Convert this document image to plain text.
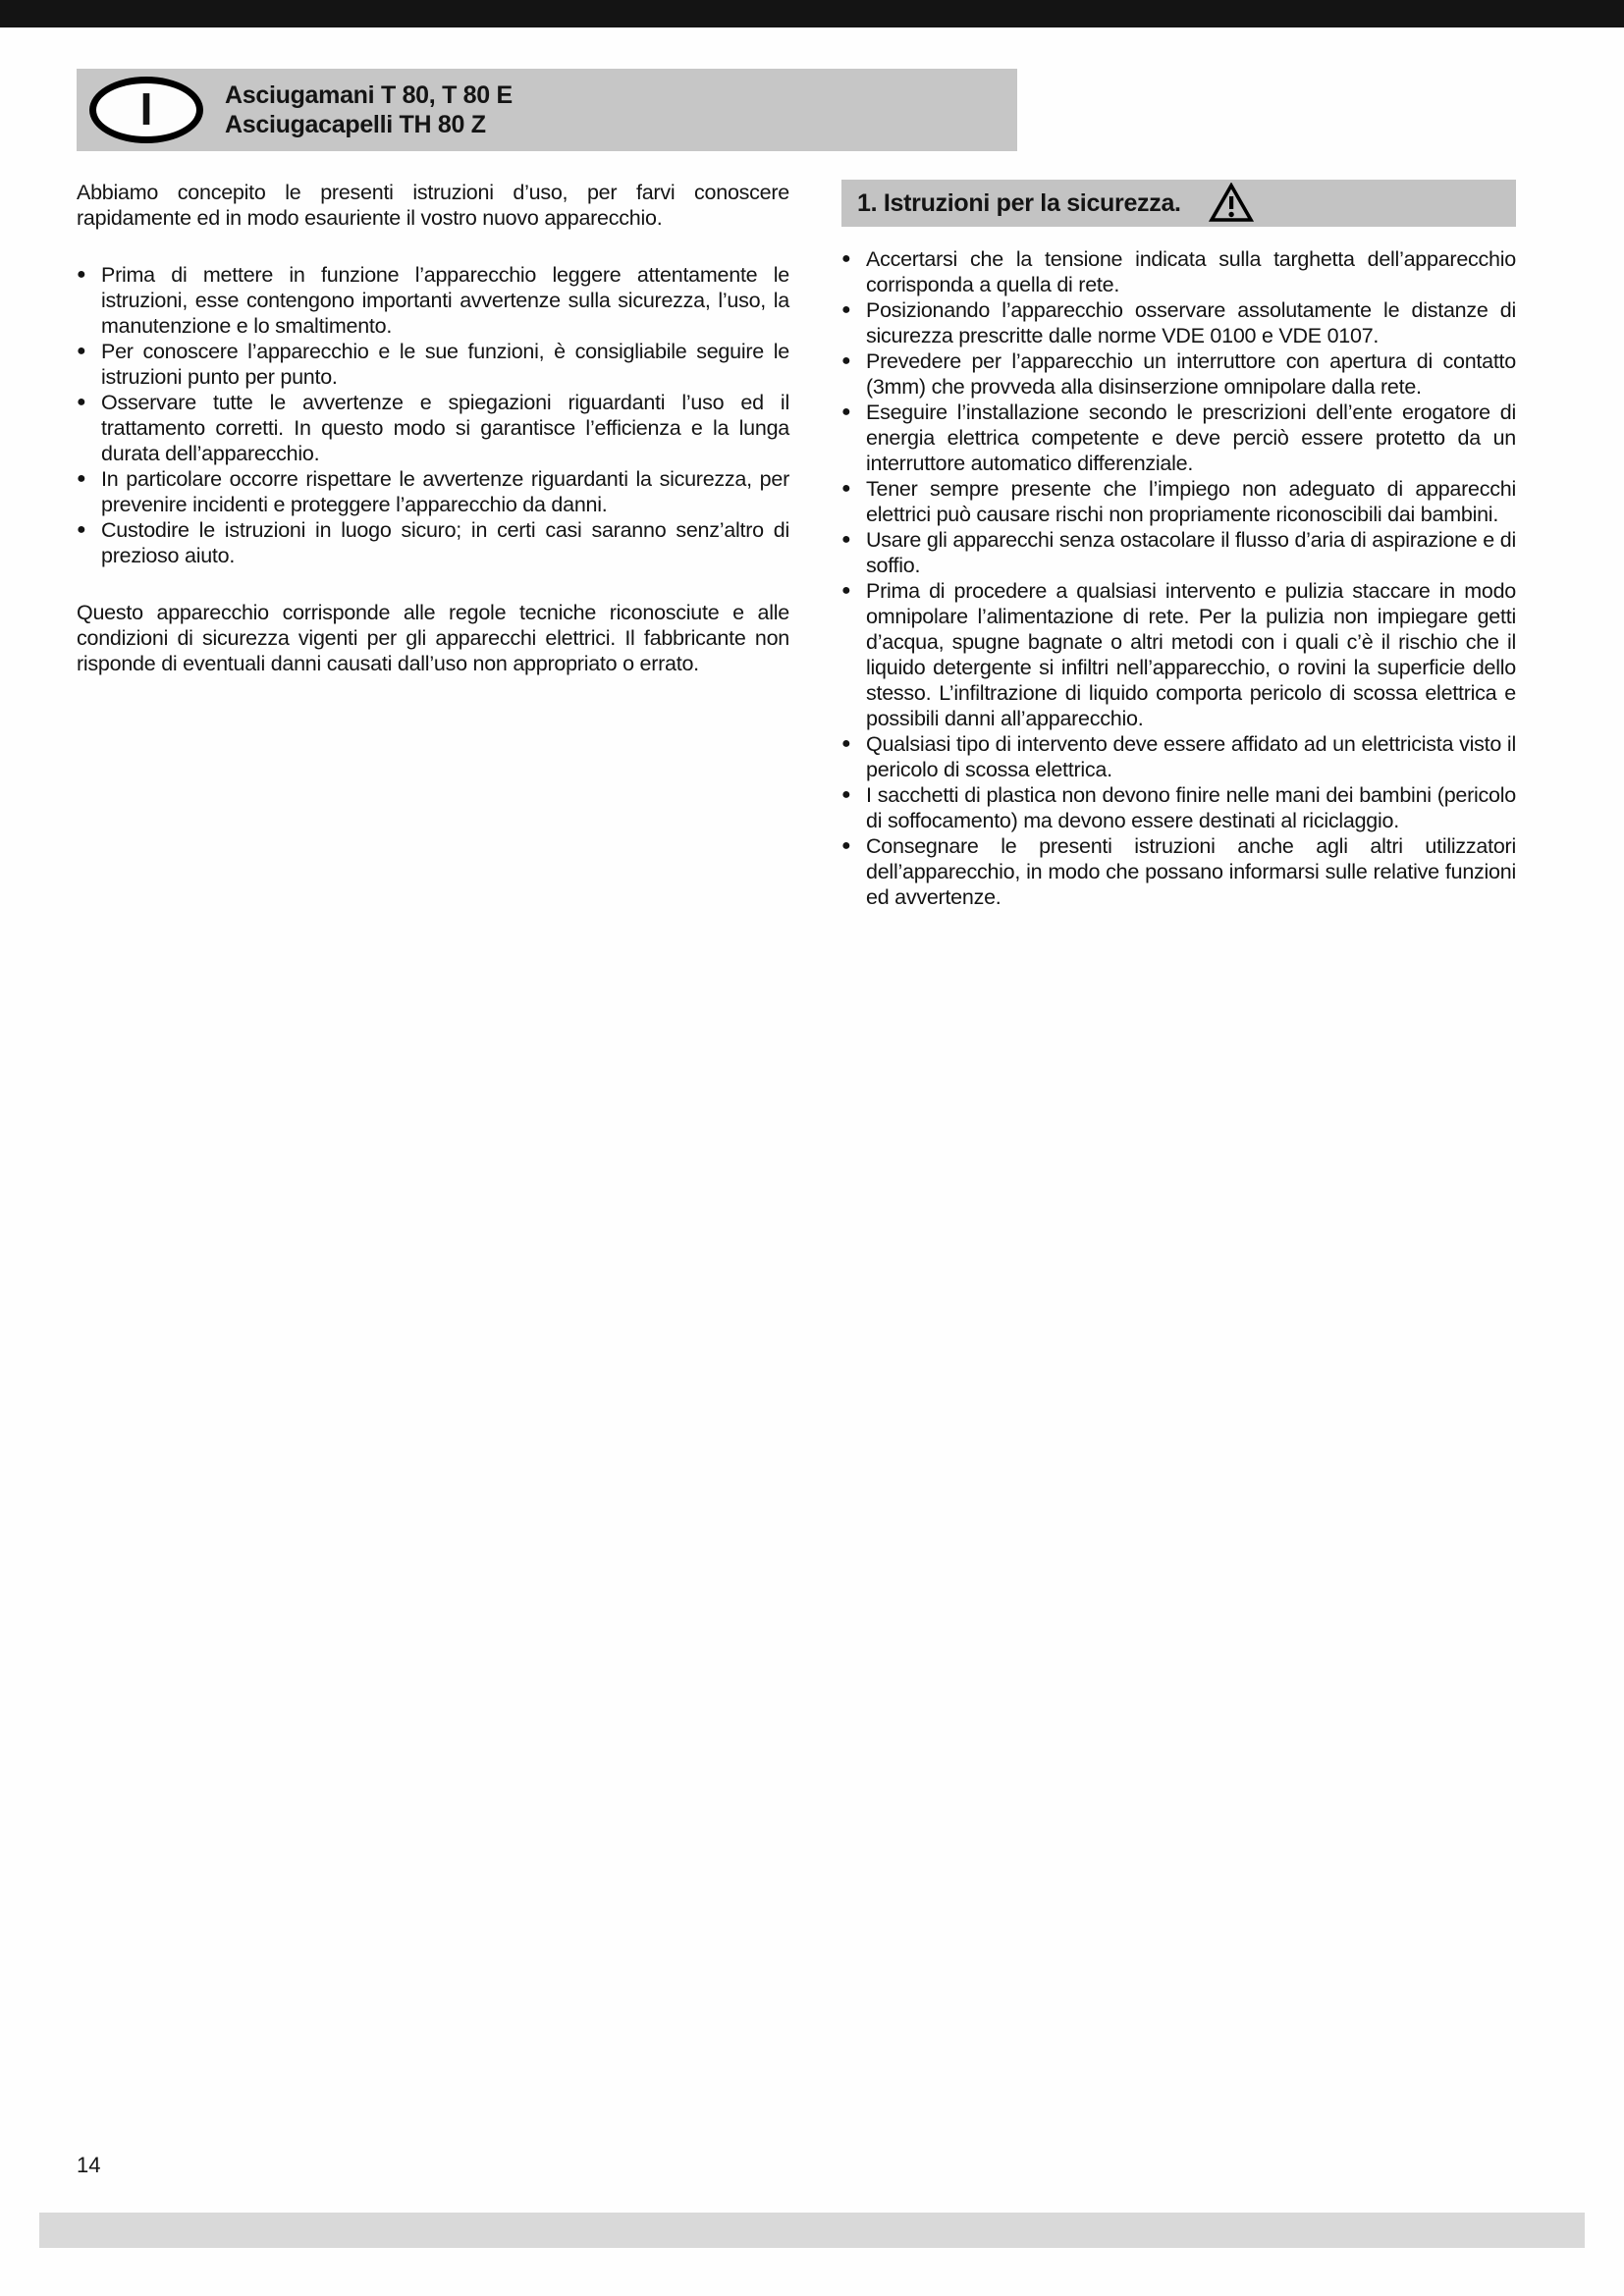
I	Asciugamani T 80, T 80 E
Asciugacapelli TH 80 Z

Abbiamo concepito le presenti istruzioni d’uso, per farvi conoscere rapidamente ed in modo esauriente il vostro nuovo apparecchio.

● Prima di mettere in funzione l’apparecchio leggere attentamente le istruzioni, esse contengono importanti avvertenze sulla sicurezza, l’uso, la manutenzione e lo smaltimento.
● Per conoscere l’apparecchio e le sue funzioni, è consigliabile seguire le istruzioni punto per punto.
● Osservare tutte le avvertenze e spiegazioni riguardanti l’uso ed il trattamento corretti. In questo modo si garantisce l’efficienza e la lunga durata dell’apparecchio.
● In particolare occorre rispettare le avvertenze riguardanti la sicurezza, per prevenire incidenti e proteggere l’apparecchio da danni.
● Custodire le istruzioni in luogo sicuro; in certi casi saranno senz’altro di prezioso aiuto.

Questo apparecchio corrisponde alle regole tecniche riconosciute e alle condizioni di sicurezza vigenti per gli apparecchi elettrici. Il fabbricante non risponde di eventuali danni causati dall’uso non appropriato o errato.

1. Istruzioni per la sicurezza.
● Accertarsi che la tensione indicata sulla targhetta dell’apparecchio corrisponda a quella di rete.
● Posizionando l’apparecchio osservare assolutamente le distanze di sicurezza prescritte dalle norme VDE 0100 e VDE 0107.
● Prevedere per l’apparecchio un interruttore con apertura di contatto (3mm) che provveda alla disinserzione omnipolare dalla rete.
● Eseguire l’installazione secondo le prescrizioni dell’ente erogatore di energia elettrica competente e deve perciò essere protetto da un interruttore automatico differenziale.
● Tener sempre presente che l’impiego non adeguato di apparecchi elettrici può causare rischi non propriamente riconoscibili dai bambini.
● Usare gli apparecchi senza ostacolare il flusso d’aria di aspirazione e di soffio.
● Prima di procedere a qualsiasi intervento e pulizia staccare in modo omnipolare l’alimentazione di rete. Per la pulizia non impiegare getti d’acqua, spugne bagnate o altri metodi con i quali c’è il rischio che il liquido detergente si infiltri nell’apparecchio, o rovini la superficie dello stesso. L’infiltrazione di liquido comporta pericolo di scossa elettrica e possibili danni all’apparecchio.
● Qualsiasi tipo di intervento deve essere affidato ad un elettricista visto il pericolo di scossa elettrica.
● I sacchetti di plastica non devono finire nelle mani dei bambini (pericolo di soffocamento) ma devono essere destinati al riciclaggio.
● Consegnare le presenti istruzioni anche agli altri utilizzatori dell’apparecchio, in modo che possano informarsi sulle relative funzioni ed avvertenze.
14
